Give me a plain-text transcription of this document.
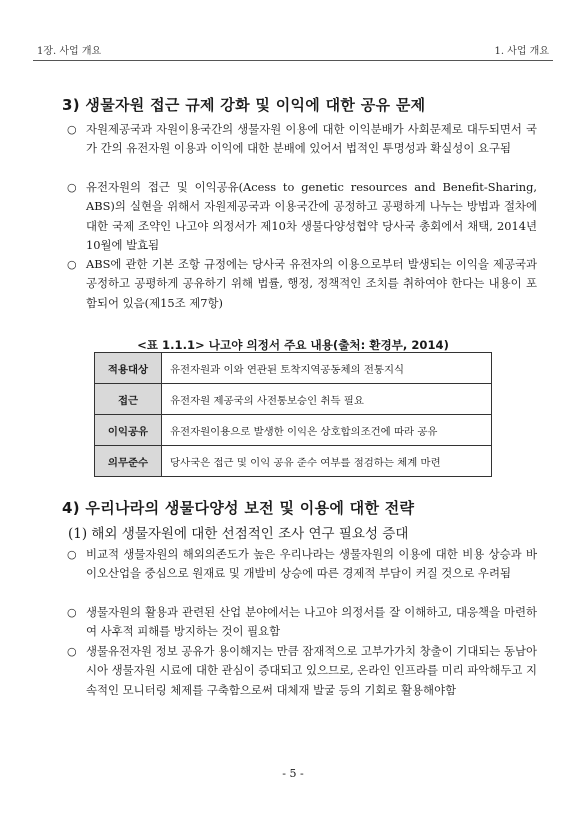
1장. 사업 개요	1. 사업 개요
3) 생물자원 접근 규제 강화 및 이익에 대한 공유 문제
○ 자원제공국과 자원이용국간의 생물자원 이용에 대한 이익분배가 사회문제로 대두되면서 국가 간의 유전자원 이용과 이익에 대한 분배에 있어서 법적인 투명성과 확실성이 요구됨
○ 유전자원의 접근 및 이익공유(Acess to genetic resources and Benefit-Sharing, ABS)의 실현을 위해서 자원제공국과 이용국간에 공정하고 공평하게 나누는 방법과 절차에 대한 국제 조약인 나고야 의정서가 제10차 생물다양성협약 당사국 총회에서 채택, 2014년 10월에 발효됨
○ ABS에 관한 기본 조항 규정에는 당사국 유전자의 이용으로부터 발생되는 이익을 제공국과 공정하고 공평하게 공유하기 위해 법률, 행정, 정책적인 조치를 취하여야 한다는 내용이 포함되어 있음(제15조 제7항)
<표 1.1.1> 나고야 의정서 주요 내용(출처: 환경부, 2014)
적용대상	유전자원과 이와 연관된 토착지역공동체의 전통지식
접근	유전자원 제공국의 사전통보승인 취득 필요
이익공유	유전자원이용으로 발생한 이익은 상호합의조건에 따라 공유
의무준수	당사국은 접근 및 이익 공유 준수 여부를 점검하는 체계 마련
4) 우리나라의 생물다양성 보전 및 이용에 대한 전략
(1) 해외 생물자원에 대한 선점적인 조사 연구 필요성 증대
○ 비교적 생물자원의 해외의존도가 높은 우리나라는 생물자원의 이용에 대한 비용 상승과 바이오산업을 중심으로 원재료 및 개발비 상승에 따른 경제적 부담이 커질 것으로 우려됨
○ 생물자원의 활용과 관련된 산업 분야에서는 나고야 의정서를 잘 이해하고, 대응책을 마련하여 사후적 피해를 방지하는 것이 필요함
○ 생물유전자원 정보 공유가 용이해지는 만큼 잠재적으로 고부가가치 창출이 기대되는 동남아시아 생물자원 시료에 대한 관심이 증대되고 있으므로, 온라인 인프라를 미리 파악해두고 지속적인 모니터링 체제를 구축함으로써 대체재 발굴 등의 기회로 활용해야함
- 5 -
